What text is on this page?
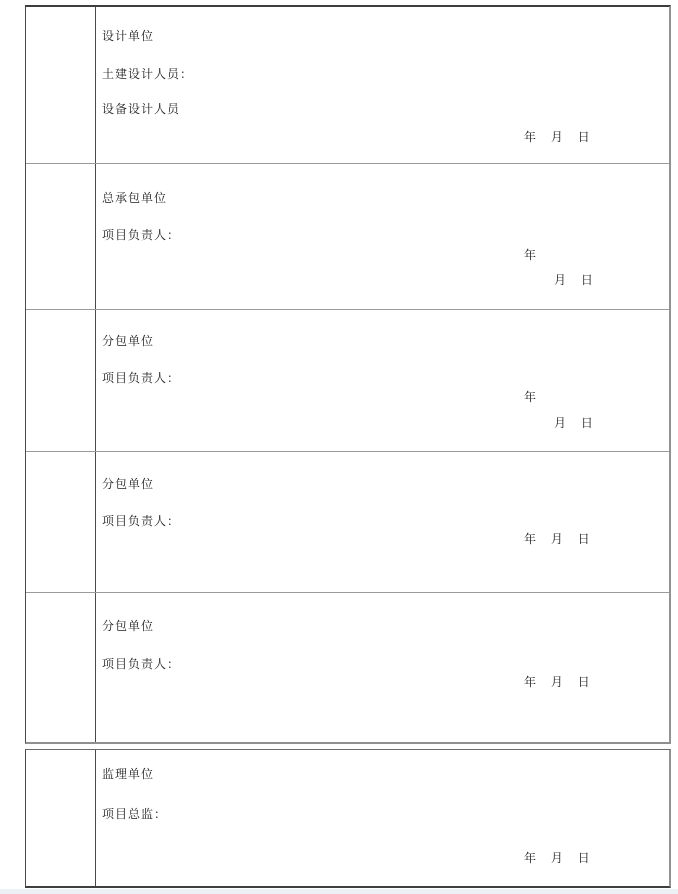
设计单位
土建设计人员：
设备设计人员
年 月 日
总承包单位
项目负责人：
年
月 日
分包单位
项目负责人：
年
月 日
分包单位
项目负责人：
年 月 日
分包单位
项目负责人：
年 月 日
监理单位
项目总监：
年 月 日
